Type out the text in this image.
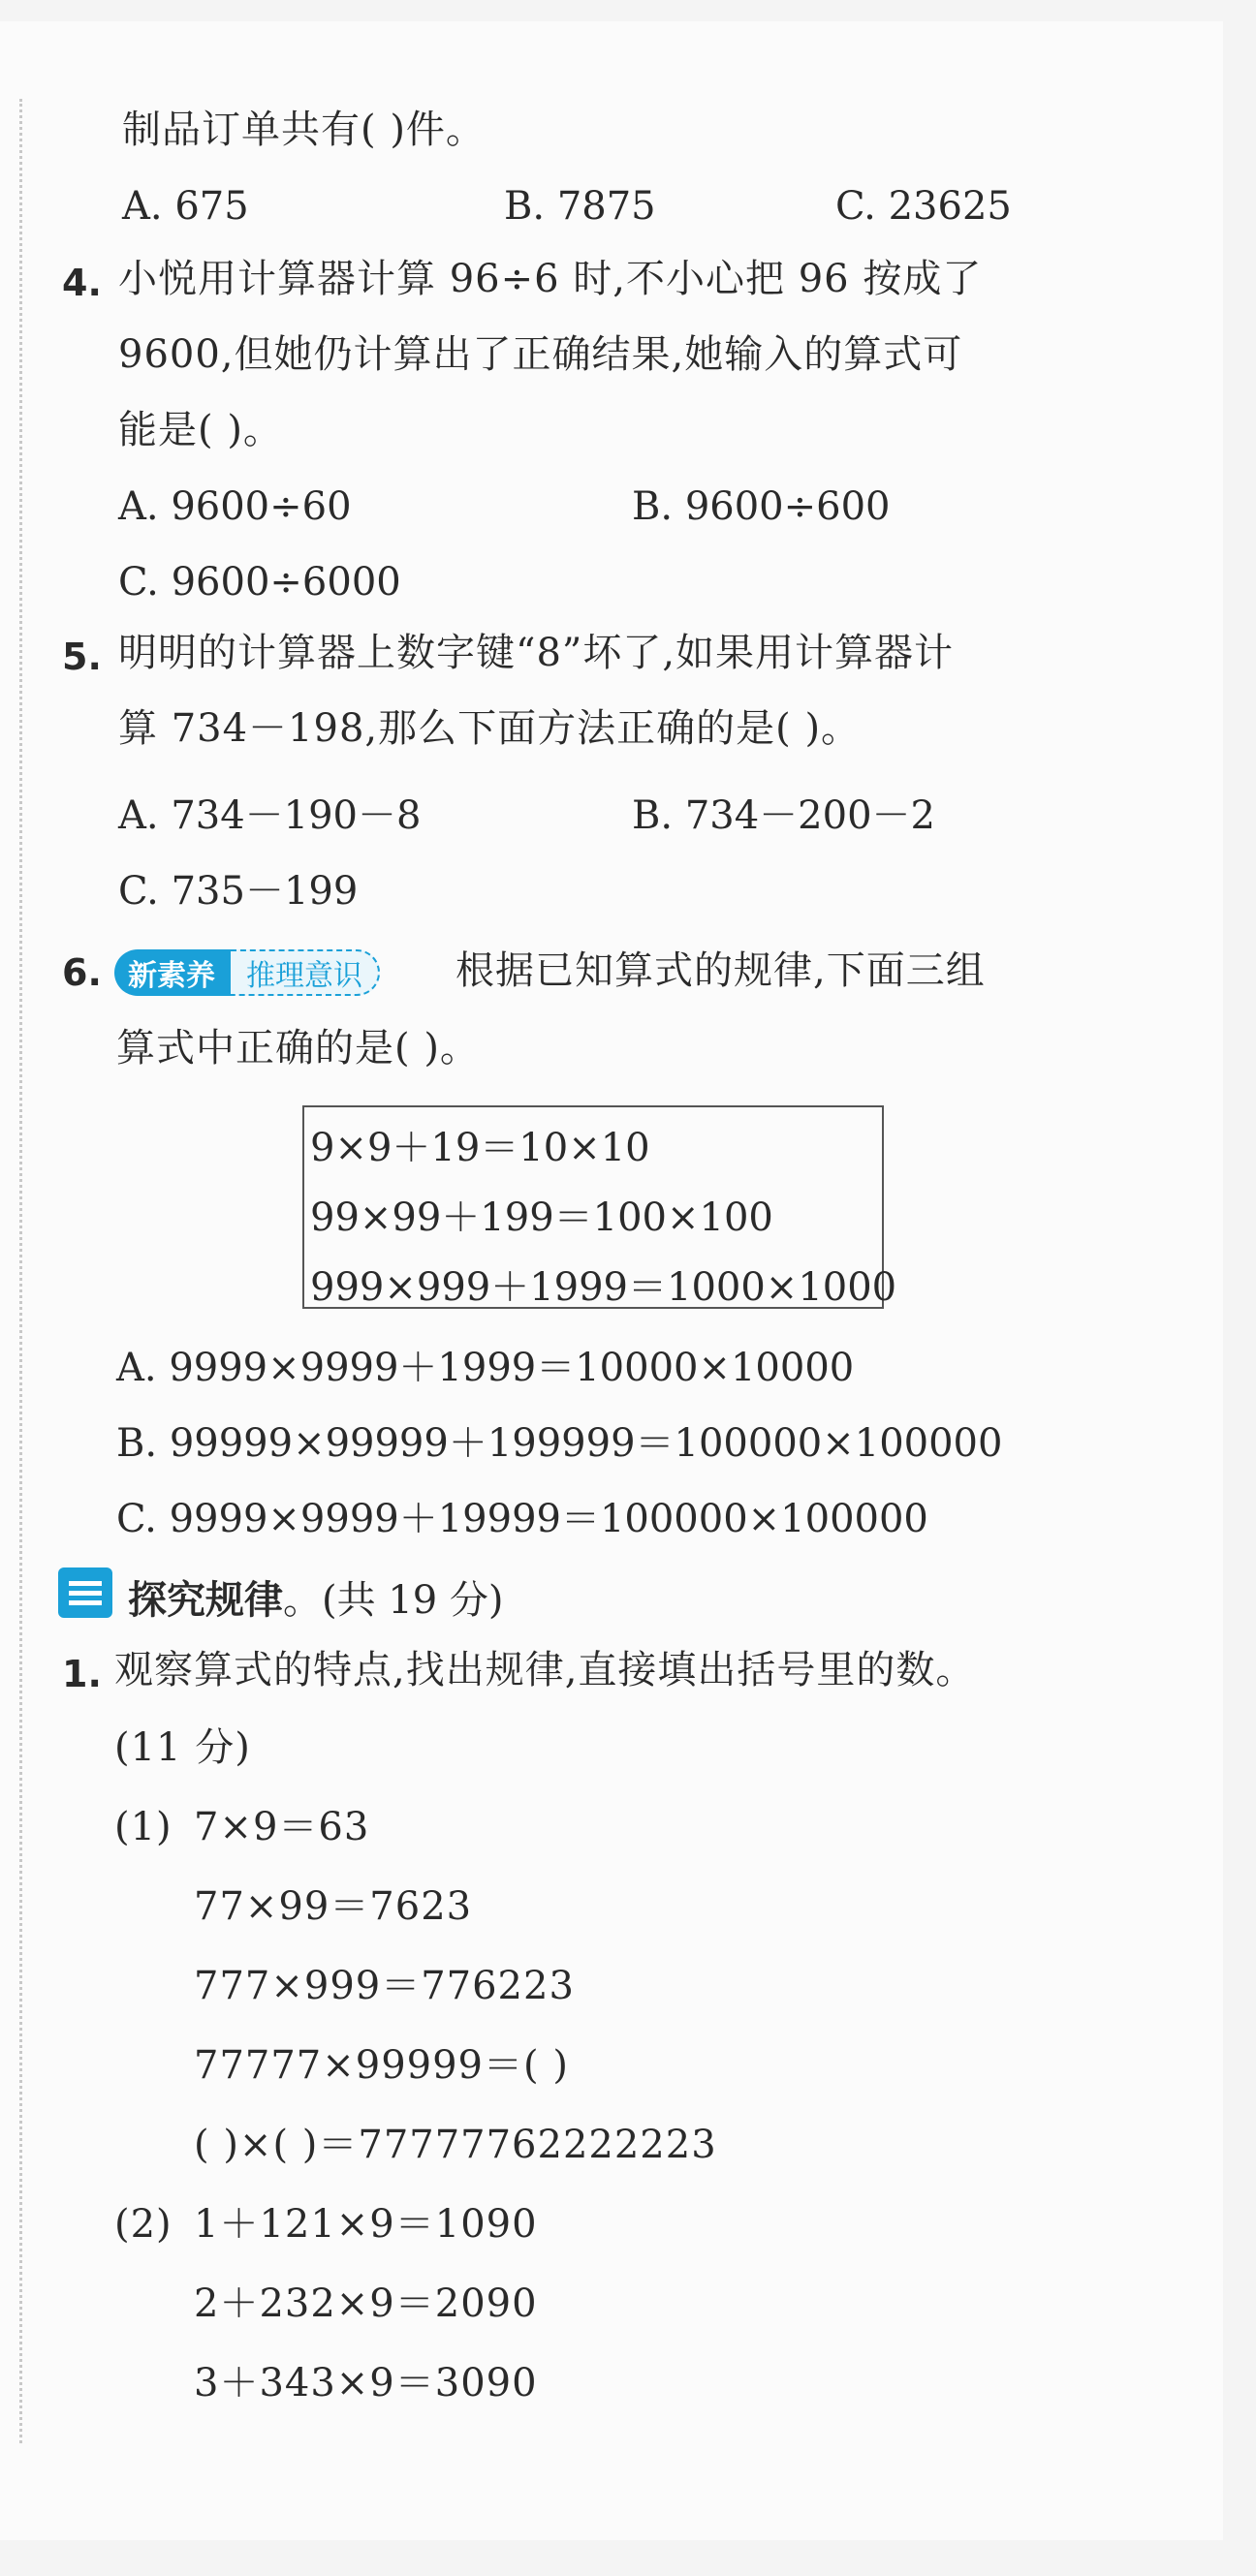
制品订单共有( )件。
A. 675	B. 7875	C. 23625
4. 小悦用计算器计算 96÷6 时,不小心把 96 按成了
9600,但她仍计算出了正确结果,她输入的算式可
能是( )。
A. 9600÷60	B. 9600÷600
C. 9600÷6000
5. 明明的计算器上数字键“8”坏了,如果用计算器计
算 734－198,那么下面方法正确的是( )。
A. 734－190－8	B. 734－200－2
C. 735－199
6. 新素养	推理意识	根据已知算式的规律,下面三组
算式中正确的是( )。
9×9＋19＝10×10
99×99＋199＝100×100
999×999＋1999＝1000×1000
A. 9999×9999＋1999＝10000×10000
B. 99999×99999＋199999＝100000×100000
C. 9999×9999＋19999＝100000×100000
探究规律。(共 19 分)
1. 观察算式的特点,找出规律,直接填出括号里的数。
(11 分)
(1) 7×9＝63
77×99＝7623
777×999＝776223
77777×99999＝( )
( )×( )＝77777762222223
(2) 1＋121×9＝1090
2＋232×9＝2090
3＋343×9＝3090
